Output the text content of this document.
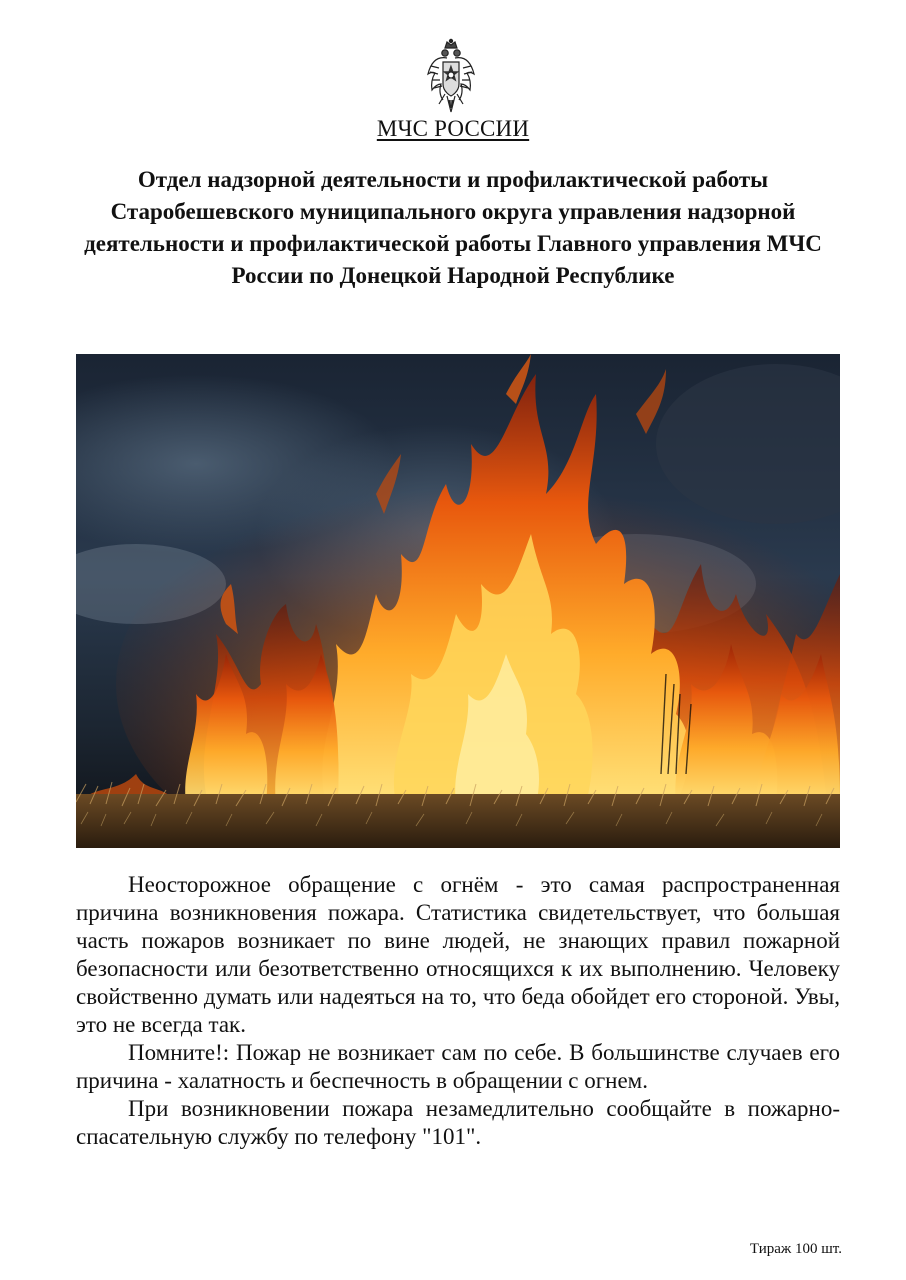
МЧС РОССИИ
Отдел надзорной деятельности и профилактической работы Старобешевского муниципального округа управления надзорной деятельности и профилактической работы Главного управления МЧС России по Донецкой Народной Республике

Неосторожное обращение с огнём - это самая распространенная причина возникновения пожара. Статистика свидетельствует, что большая часть пожаров возникает по вине людей, не знающих правил пожарной безопасности или безответственно относящихся к их выполнению. Человеку свойственно думать или надеяться на то, что беда обойдет его стороной. Увы, это не всегда так.

Помните!: Пожар не возникает сам по себе. В большинстве случаев его причина - халатность и беспечность в обращении с огнем.

При возникновении пожара незамедлительно сообщайте в пожарно-спасательную службу по телефону "101".

Тираж 100 шт.
